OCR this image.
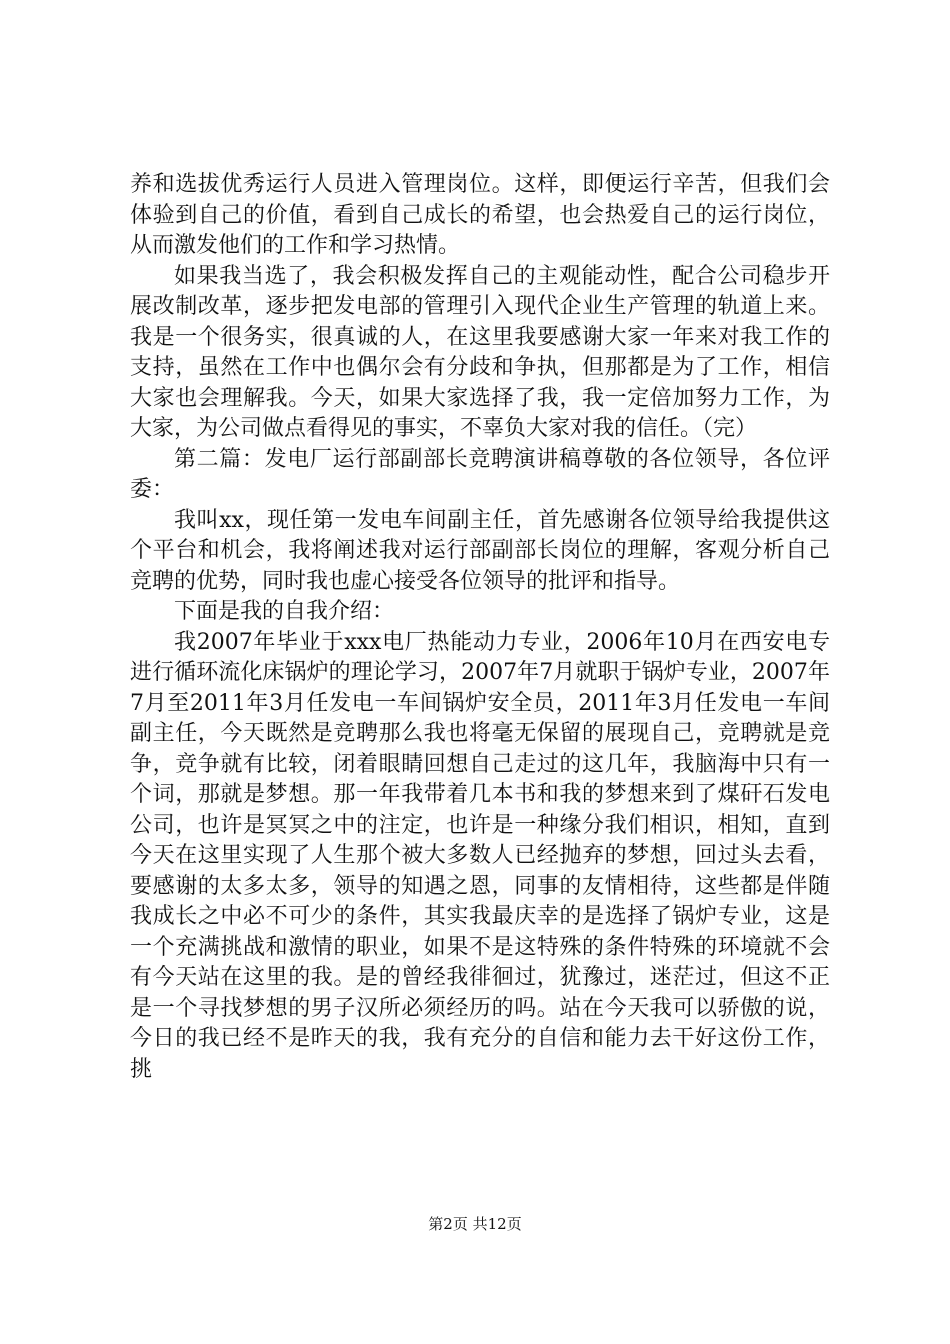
养和选拔优秀运行人员进入管理岗位。这样，即便运行辛苦，但我们会体验到自己的价值，看到自己成长的希望，也会热爱自己的运行岗位，从而激发他们的工作和学习热情。

如果我当选了，我会积极发挥自己的主观能动性，配合公司稳步开展改制改革，逐步把发电部的管理引入现代企业生产管理的轨道上来。我是一个很务实，很真诚的人，在这里我要感谢大家一年来对我工作的支持，虽然在工作中也偶尔会有分歧和争执，但那都是为了工作，相信大家也会理解我。今天，如果大家选择了我，我一定倍加努力工作，为大家，为公司做点看得见的事实，不辜负大家对我的信任。（完）

第二篇：发电厂运行部副部长竞聘演讲稿尊敬的各位领导，各位评委：

我叫xx，现任第一发电车间副主任，首先感谢各位领导给我提供这个平台和机会，我将阐述我对运行部副部长岗位的理解，客观分析自己竞聘的优势，同时我也虚心接受各位领导的批评和指导。

下面是我的自我介绍：

我2007年毕业于xxx电厂热能动力专业，2006年10月在西安电专进行循环流化床锅炉的理论学习，2007年7月就职于锅炉专业，2007年7月至2011年3月任发电一车间锅炉安全员，2011年3月任发电一车间副主任，今天既然是竞聘那么我也将毫无保留的展现自己，竞聘就是竞争，竞争就有比较，闭着眼睛回想自己走过的这几年，我脑海中只有一个词，那就是梦想。那一年我带着几本书和我的梦想来到了煤矸石发电公司，也许是冥冥之中的注定，也许是一种缘分我们相识，相知，直到今天在这里实现了人生那个被大多数人已经抛弃的梦想，回过头去看，要感谢的太多太多，领导的知遇之恩，同事的友情相待，这些都是伴随我成长之中必不可少的条件，其实我最庆幸的是选择了锅炉专业，这是一个充满挑战和激情的职业，如果不是这特殊的条件特殊的环境就不会有今天站在这里的我。是的曾经我徘徊过，犹豫过，迷茫过，但这不正是一个寻找梦想的男子汉所必须经历的吗。站在今天我可以骄傲的说，今日的我已经不是昨天的我，我有充分的自信和能力去干好这份工作，挑

第2页 共12页
